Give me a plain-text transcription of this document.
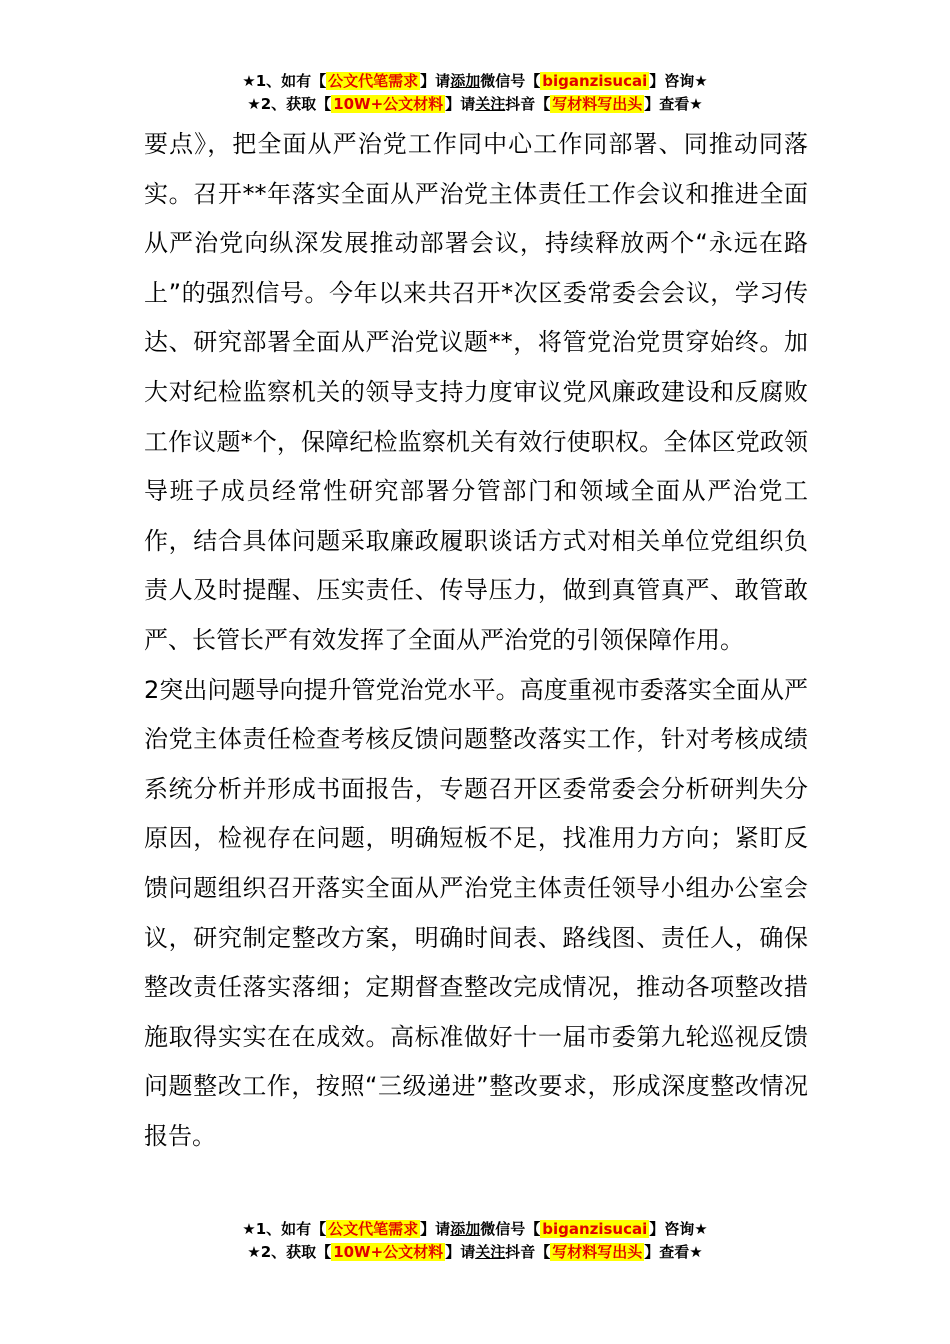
★1、如有【 公文代笔需求 】请添加微信号【 biganzisucai 】咨询★
★2、获取【 10W+公文材料 】请关注抖音【 写材料写出头 】查看★

要点》，把全面从严治党工作同中心工作同部署、同推动同落实。召开**年落实全面从严治党主体责任工作会议和推进全面从严治党向纵深发展推动部署会议，持续释放两个“永远在路上”的强烈信号。今年以来共召开*次区委常委会会议，学习传达、研究部署全面从严治党议题**，将管党治党贯穿始终。加大对纪检监察机关的领导支持力度审议党风廉政建设和反腐败工作议题*个，保障纪检监察机关有效行使职权。全体区党政领导班子成员经常性研究部署分管部门和领域全面从严治党工作，结合具体问题采取廉政履职谈话方式对相关单位党组织负责人及时提醒、压实责任、传导压力，做到真管真严、敢管敢严、长管长严有效发挥了全面从严治党的引领保障作用。

2突出问题导向提升管党治党水平。高度重视市委落实全面从严治党主体责任检查考核反馈问题整改落实工作，针对考核成绩系统分析并形成书面报告，专题召开区委常委会分析研判失分原因，检视存在问题，明确短板不足，找准用力方向；紧盯反馈问题组织召开落实全面从严治党主体责任领导小组办公室会议，研究制定整改方案，明确时间表、路线图、责任人，确保整改责任落实落细；定期督查整改完成情况，推动各项整改措施取得实实在在成效。高标准做好十一届市委第九轮巡视反馈问题整改工作，按照“三级递进”整改要求，形成深度整改情况报告。

★1、如有【 公文代笔需求 】请添加微信号【 biganzisucai 】咨询★
★2、获取【 10W+公文材料 】请关注抖音【 写材料写出头 】查看★
